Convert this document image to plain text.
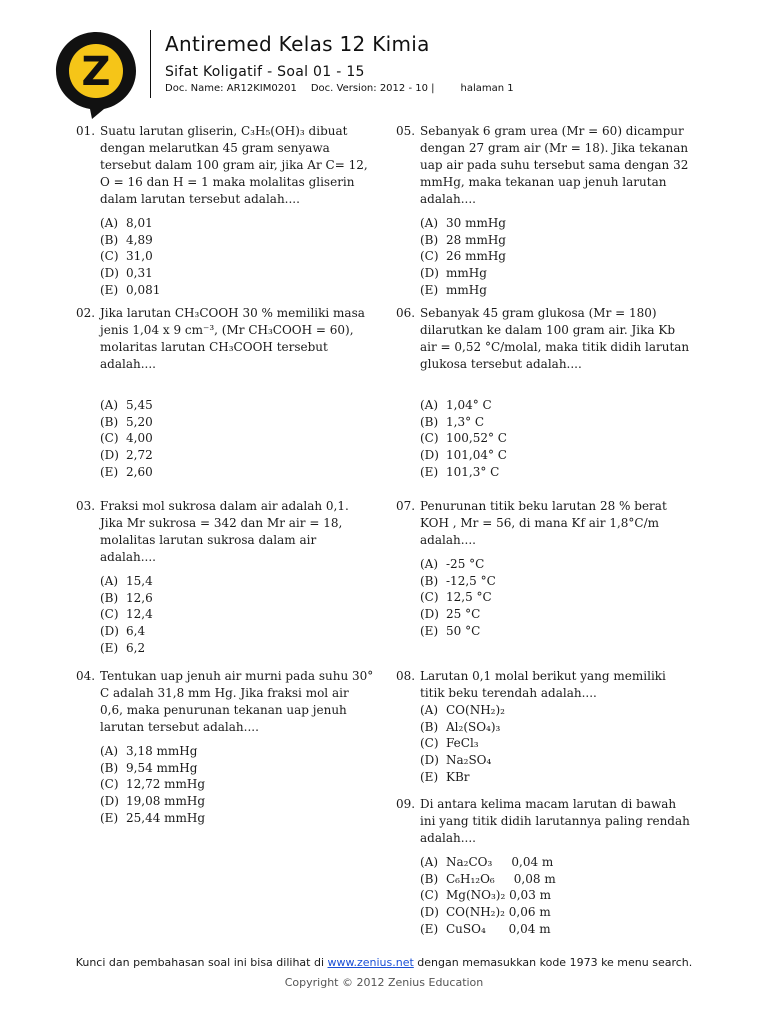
Z
Antiremed Kelas 12 Kimia
Sifat Koligatif - Soal 01 - 15
Doc. Name: AR12KIM0201 Doc. Version: 2012 - 10 |	halaman 1
01. Suatu larutan gliserin, C₃H₅(OH)₃ dibuat dengan melarutkan 45 gram senyawa tersebut dalam 100 gram air, jika Ar C= 12, O = 16 dan H = 1 maka molalitas gliserin dalam larutan tersebut adalah....
(A) 8,01
(B) 4,89
(C) 31,0
(D) 0,31
(E) 0,081
02. Jika larutan CH₃COOH 30 % memiliki masa jenis 1,04 x 9 cm⁻³, (Mr CH₃COOH = 60), molaritas larutan CH₃COOH tersebut adalah....
(A) 5,45
(B) 5,20
(C) 4,00
(D) 2,72
(E) 2,60
03. Fraksi mol sukrosa dalam air adalah 0,1. Jika Mr sukrosa = 342 dan Mr air = 18, molalitas larutan sukrosa dalam air adalah....
(A) 15,4
(B) 12,6
(C) 12,4
(D) 6,4
(E) 6,2
04. Tentukan uap jenuh air murni pada suhu 30° C adalah 31,8 mm Hg. Jika fraksi mol air 0,6, maka penurunan tekanan uap jenuh larutan tersebut adalah....
(A) 3,18 mmHg
(B) 9,54 mmHg
(C) 12,72 mmHg
(D) 19,08 mmHg
(E) 25,44 mmHg
05. Sebanyak 6 gram urea (Mr = 60) dicampur dengan 27 gram air (Mr = 18). Jika tekanan uap air pada suhu tersebut sama dengan 32 mmHg, maka tekanan uap jenuh larutan adalah....
(A) 30 mmHg
(B) 28 mmHg
(C) 26 mmHg
(D) mmHg
(E) mmHg
06. Sebanyak 45 gram glukosa (Mr = 180) dilarutkan ke dalam 100 gram air. Jika Kb air = 0,52 °C/molal, maka titik didih larutan glukosa tersebut adalah....
(A) 1,04° C
(B) 1,3° C
(C) 100,52° C
(D) 101,04° C
(E) 101,3° C
07. Penurunan titik beku larutan 28 % berat KOH , Mr = 56, di mana Kf air 1,8°C/m adalah....
(A) -25 °C
(B) -12,5 °C
(C) 12,5 °C
(D) 25 °C
(E) 50 °C
08. Larutan 0,1 molal berikut yang memiliki titik beku terendah adalah....
(A) CO(NH₂)₂
(B) Al₂(SO₄)₃
(C) FeCl₃
(D) Na₂SO₄
(E) KBr
09. Di antara kelima macam larutan di bawah ini yang titik didih larutannya paling rendah adalah....
(A) Na₂CO₃     0,04 m
(B) C₆H₁₂O₆     0,08 m
(C) Mg(NO₃)₂ 0,03 m
(D) CO(NH₂)₂ 0,06 m
(E) CuSO₄      0,04 m
Kunci dan pembahasan soal ini bisa dilihat di www.zenius.net dengan memasukkan kode 1973 ke menu search.
Copyright © 2012 Zenius Education
